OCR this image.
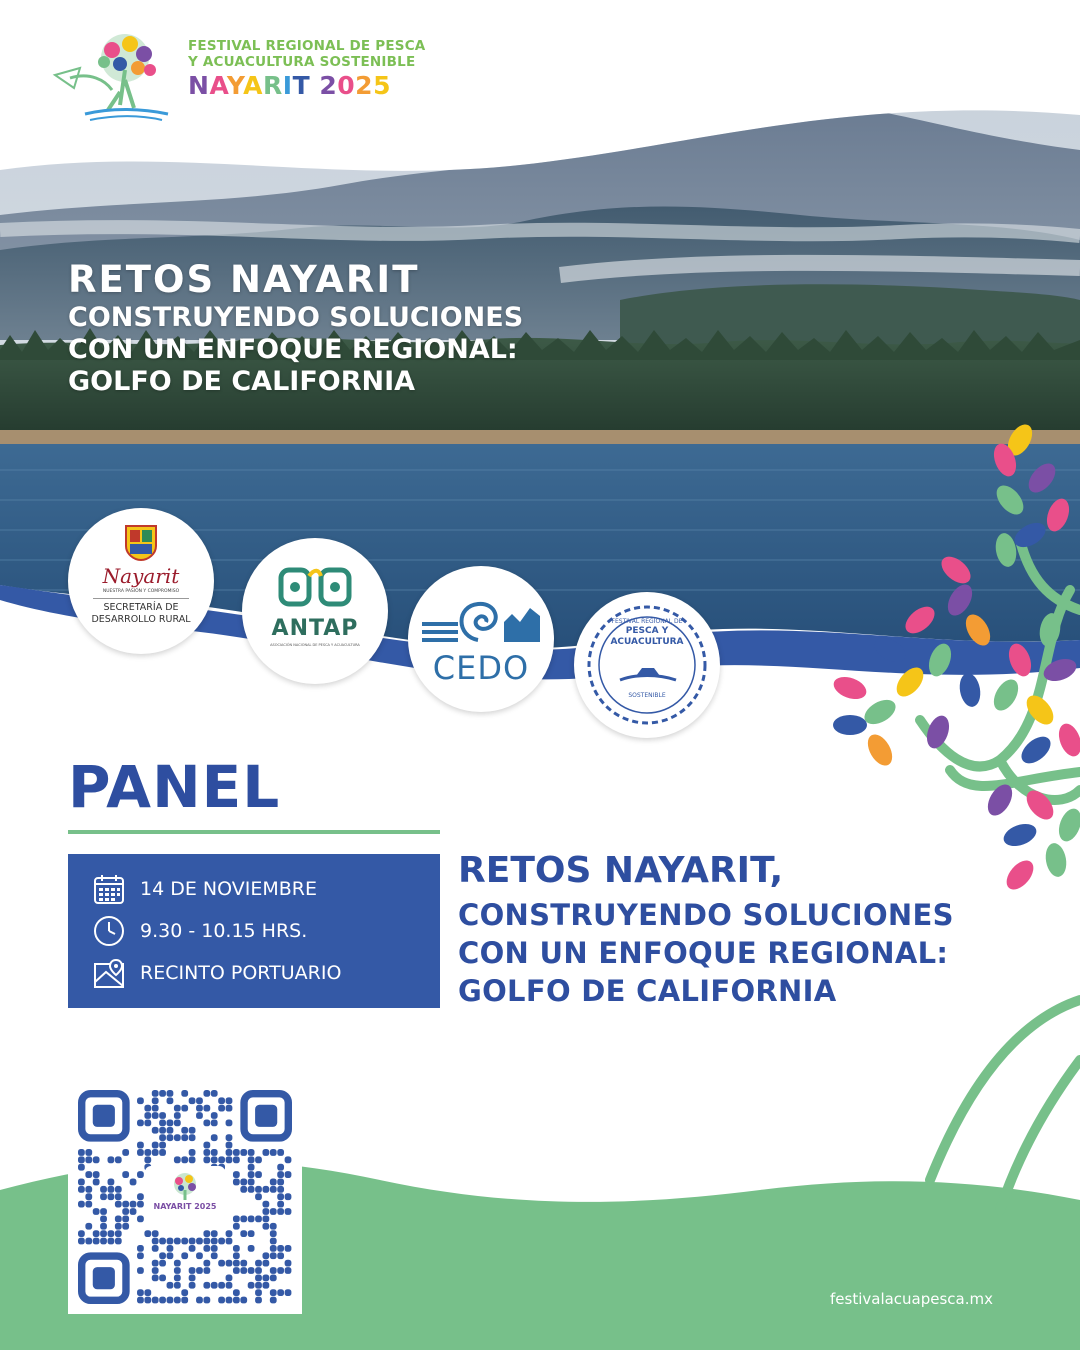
FESTIVAL REGIONAL DE PESCA
Y ACUACULTURA SOSTENIBLE
NAYARIT 2025
RETOS NAYARIT
CONSTRUYENDO SOLUCIONES
CON UN ENFOQUE REGIONAL:
GOLFO DE CALIFORNIA
Nayarit
NUESTRA PASIÓN Y COMPROMISO
SECRETARÍA DE
DESARROLLO RURAL	ANTAP
ASOCIACIÓN NACIONAL DE PESCA Y ACUACULTURA
CEDO
FESTIVAL REGIONAL DE
PESCA Y
ACUACULTURA
SOSTENIBLE
PANEL
14 DE NOVIEMBRE
9.30 - 10.15 HRS.
RECINTO PORTUARIO
RETOS NAYARIT,
CONSTRUYENDO SOLUCIONES
CON UN ENFOQUE REGIONAL:
GOLFO DE CALIFORNIA
NAYARIT 2025
festivalacuapesca.mx
